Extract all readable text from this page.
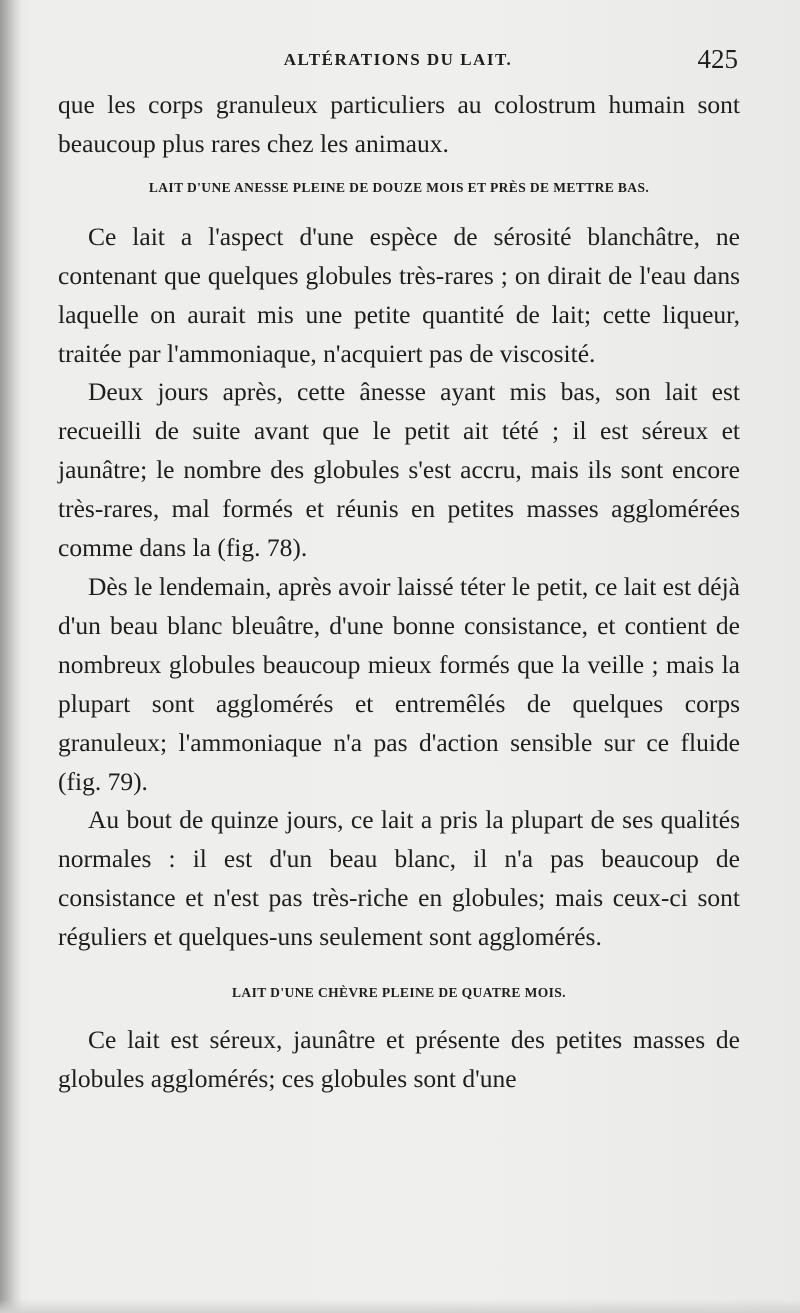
ALTÉRATIONS DU LAIT.	425

que les corps granuleux particuliers au colostrum humain sont beaucoup plus rares chez les animaux.

LAIT D'UNE ANESSE PLEINE DE DOUZE MOIS ET PRÈS DE METTRE BAS.

Ce lait a l'aspect d'une espèce de sérosité blanchâtre, ne contenant que quelques globules très-rares ; on dirait de l'eau dans laquelle on aurait mis une petite quantité de lait; cette liqueur, traitée par l'ammoniaque, n'acquiert pas de viscosité.

Deux jours après, cette ânesse ayant mis bas, son lait est recueilli de suite avant que le petit ait tété ; il est séreux et jaunâtre; le nombre des globules s'est accru, mais ils sont encore très-rares, mal formés et réunis en petites masses agglomérées comme dans la (fig. 78).

Dès le lendemain, après avoir laissé téter le petit, ce lait est déjà d'un beau blanc bleuâtre, d'une bonne consistance, et contient de nombreux globules beaucoup mieux formés que la veille ; mais la plupart sont agglomérés et entremêlés de quelques corps granuleux; l'ammoniaque n'a pas d'action sensible sur ce fluide (fig. 79).

Au bout de quinze jours, ce lait a pris la plupart de ses qualités normales : il est d'un beau blanc, il n'a pas beaucoup de consistance et n'est pas très-riche en globules; mais ceux-ci sont réguliers et quelques-uns seulement sont agglomérés.

LAIT D'UNE CHÈVRE PLEINE DE QUATRE MOIS.

Ce lait est séreux, jaunâtre et présente des petites masses de globules agglomérés; ces globules sont d'une
